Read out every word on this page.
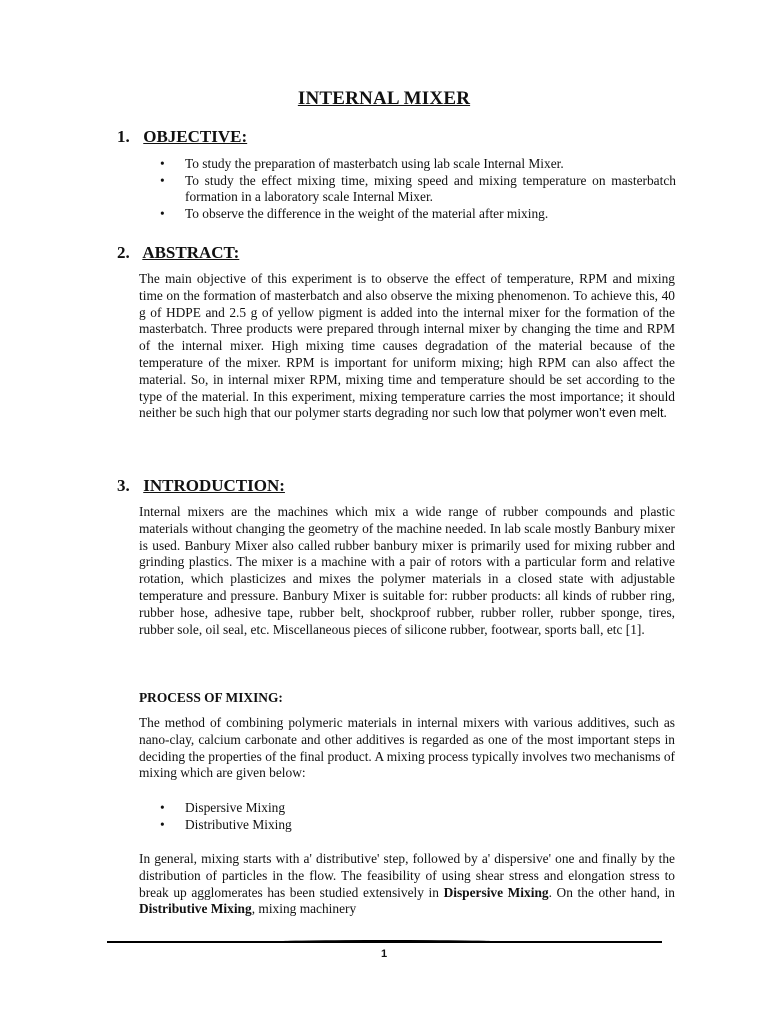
INTERNAL MIXER
1. OBJECTIVE:
• To study the preparation of masterbatch using lab scale Internal Mixer.
• To study the effect mixing time, mixing speed and mixing temperature on masterbatch formation in a laboratory scale Internal Mixer.
• To observe the difference in the weight of the material after mixing.
2. ABSTRACT:
The main objective of this experiment is to observe the effect of temperature, RPM and mixing time on the formation of masterbatch and also observe the mixing phenomenon. To achieve this, 40 g of HDPE and 2.5 g of yellow pigment is added into the internal mixer for the formation of the masterbatch. Three products were prepared through internal mixer by changing the time and RPM of the internal mixer. High mixing time causes degradation of the material because of the temperature of the mixer. RPM is important for uniform mixing; high RPM can also affect the material. So, in internal mixer RPM, mixing time and temperature should be set according to the type of the material. In this experiment, mixing temperature carries the most importance; it should neither be such high that our polymer starts degrading nor such low that polymer won’t even melt.
3. INTRODUCTION:
Internal mixers are the machines which mix a wide range of rubber compounds and plastic materials without changing the geometry of the machine needed. In lab scale mostly Banbury mixer is used. Banbury Mixer also called rubber banbury mixer is primarily used for mixing rubber and grinding plastics. The mixer is a machine with a pair of rotors with a particular form and relative rotation, which plasticizes and mixes the polymer materials in a closed state with adjustable temperature and pressure. Banbury Mixer is suitable for: rubber products: all kinds of rubber ring, rubber hose, adhesive tape, rubber belt, shockproof rubber, rubber roller, rubber sponge, tires, rubber sole, oil seal, etc. Miscellaneous pieces of silicone rubber, footwear, sports ball, etc [1].
PROCESS OF MIXING:
The method of combining polymeric materials in internal mixers with various additives, such as nano-clay, calcium carbonate and other additives is regarded as one of the most important steps in deciding the properties of the final product. A mixing process typically involves two mechanisms of mixing which are given below:
• Dispersive Mixing
• Distributive Mixing
In general, mixing starts with a' distributive' step, followed by a' dispersive' one and finally by the distribution of particles in the flow. The feasibility of using shear stress and elongation stress to break up agglomerates has been studied extensively in Dispersive Mixing. On the other hand, in Distributive Mixing, mixing machinery
1
